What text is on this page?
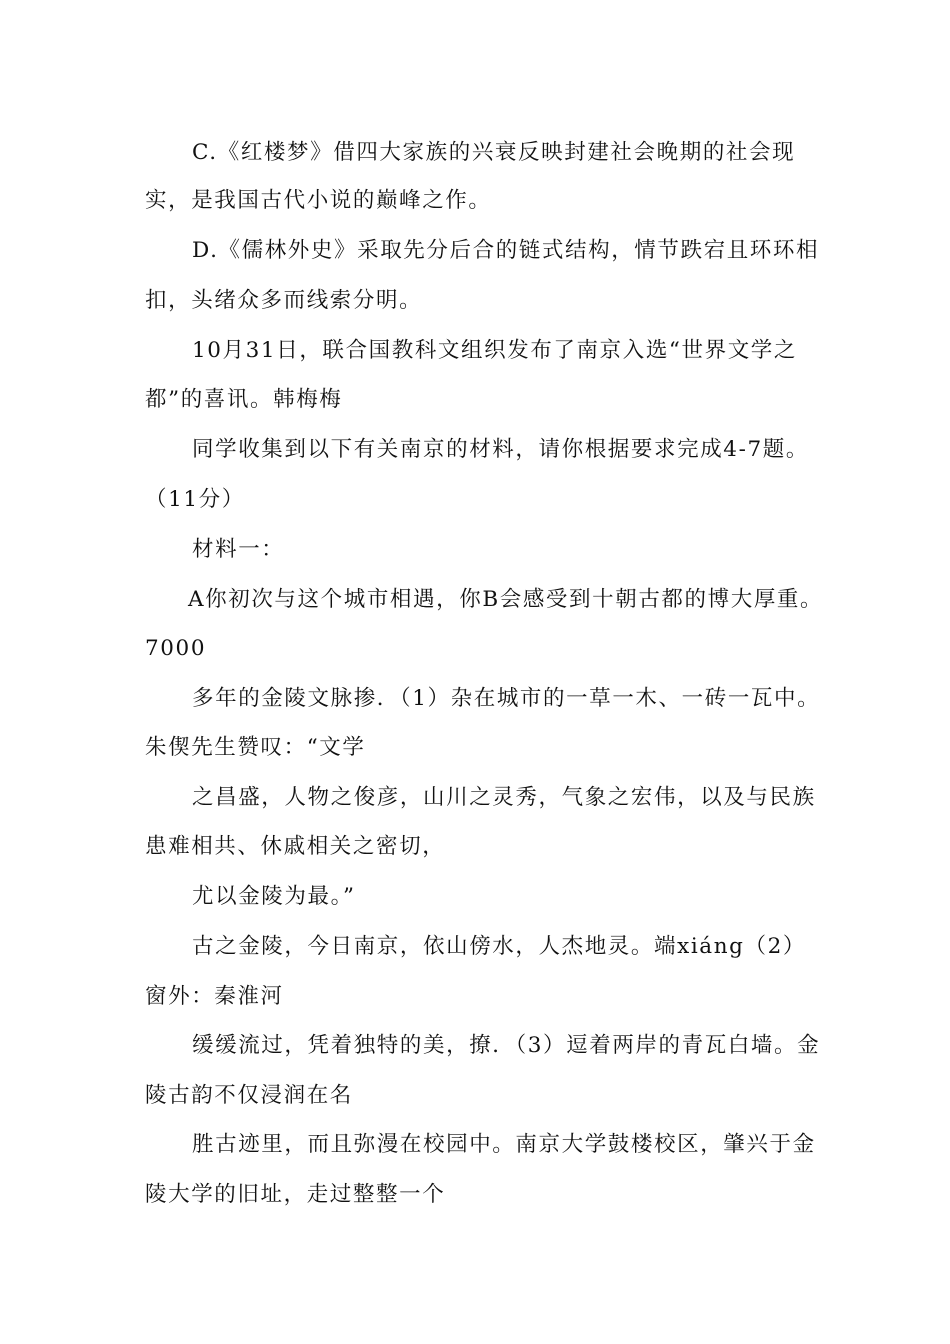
C.《红楼梦》借四大家族的兴衰反映封建社会晚期的社会现
实，是我国古代小说的巅峰之作。
D.《儒林外史》采取先分后合的链式结构，情节跌宕且环环相
扣，头绪众多而线索分明。
10月31日，联合国教科文组织发布了南京入选“世界文学之
都”的喜讯。韩梅梅
同学收集到以下有关南京的材料，请你根据要求完成4-7题。
（11分）
材料一：
A你初次与这个城市相遇，你B会感受到十朝古都的博大厚重。
7000
多年的金陵文脉掺．（1）杂在城市的一草一木、一砖一瓦中。
朱偰先生赞叹：“文学
之昌盛，人物之俊彦，山川之灵秀，气象之宏伟，以及与民族
患难相共、休戚相关之密切，
尤以金陵为最。”
古之金陵，今日南京，依山傍水，人杰地灵。端xiáng（2）
窗外：秦淮河
缓缓流过，凭着独特的美，撩．（3）逗着两岸的青瓦白墙。金
陵古韵不仅浸润在名
胜古迹里，而且弥漫在校园中。南京大学鼓楼校区，肇兴于金
陵大学的旧址，走过整整一个
